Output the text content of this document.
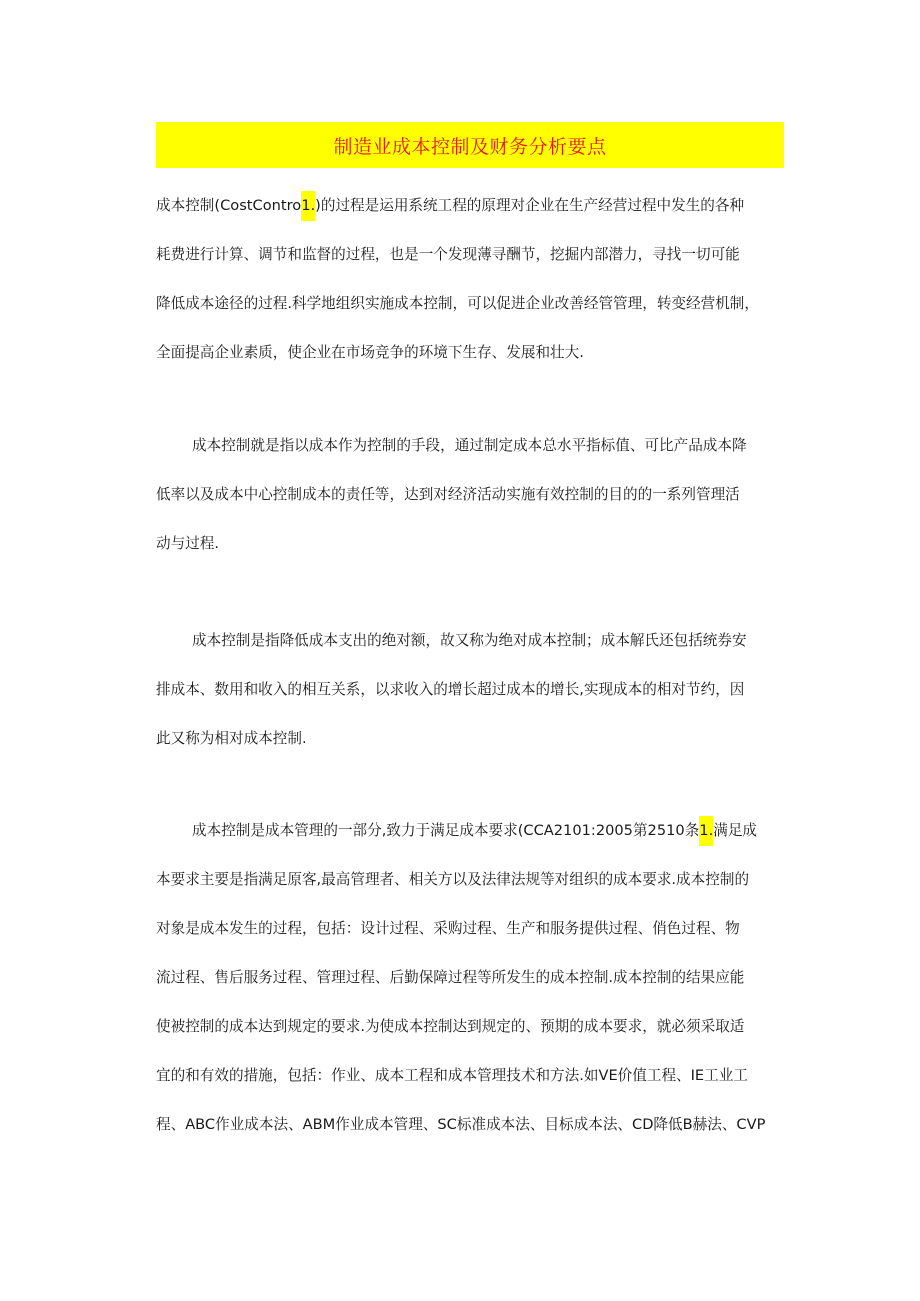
制造业成本控制及财务分析要点
成本控制(CostContro1.)的过程是运用系统工程的原理对企业在生产经营过程中发生的各种
耗费进行计算、调节和监督的过程，也是一个发现薄寻酬节，挖掘内部潜力，寻找一切可能
降低成本途径的过程.科学地组织实施成本控制，可以促进企业改善经管管理，转变经营机制，
全面提高企业素质，使企业在市场竞争的环境下生存、发展和壮大.
成本控制就是指以成本作为控制的手段，通过制定成本总水平指标值、可比产品成本降
低率以及成本中心控制成本的责任等，达到对经济活动实施有效控制的目的的一系列管理活
动与过程.
成本控制是指降低成本支出的绝对额，故又称为绝对成本控制；成本解氏还包括统券安
排成本、数用和收入的相互关系，以求收入的增长超过成本的增长,实现成本的相对节约，因
此又称为相对成本控制.
成本控制是成本管理的一部分,致力于满足成本要求(CCA2101:2005第2510条1.满足成
本要求主要是指满足原客,最高管理者、相关方以及法律法规等对组织的成本要求.成本控制的
对象是成本发生的过程，包括：设计过程、采购过程、生产和服务提供过程、俏色过程、物
流过程、售后服务过程、管理过程、后勤保障过程等所发生的成本控制.成本控制的结果应能
使被控制的成本达到规定的要求.为使成本控制达到规定的、预期的成本要求，就必须采取适
宜的和有效的措施，包括：作业、成本工程和成本管理技术和方法.如VE价值工程、IE工业工
程、ABC作业成本法、ABM作业成本管理、SC标准成本法、目标成本法、CD降低B赫法、CVP
